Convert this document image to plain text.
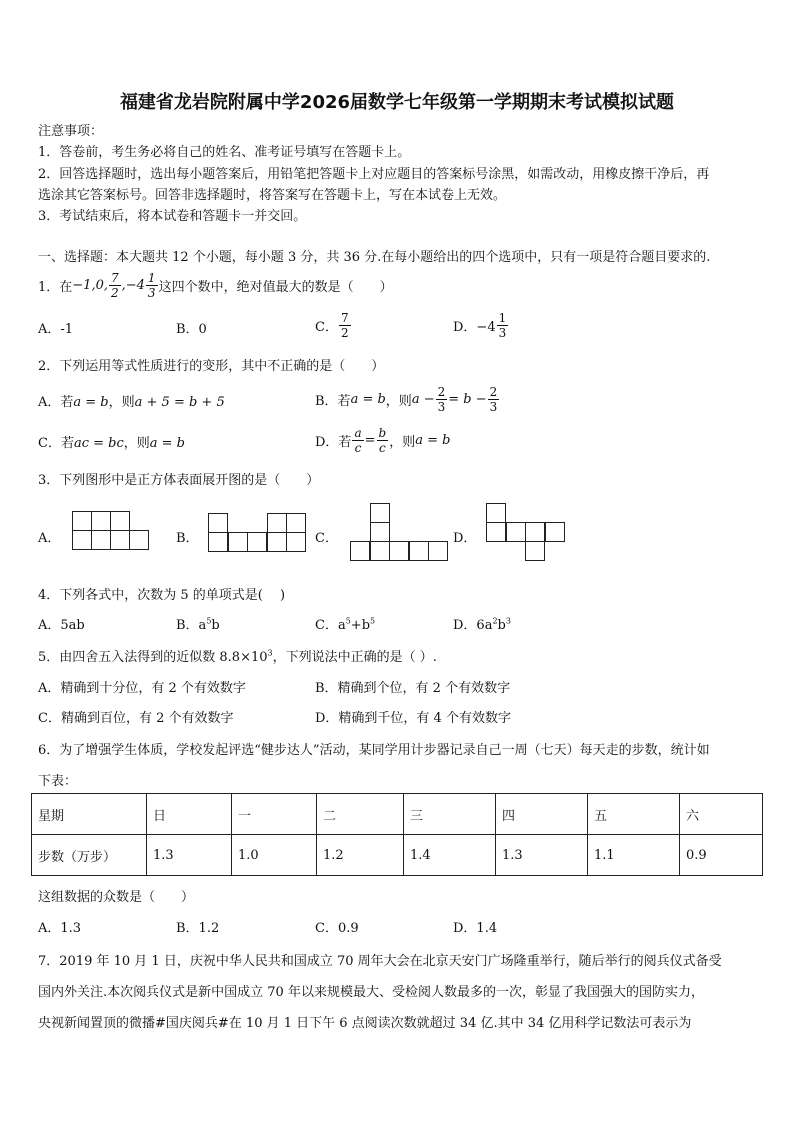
福建省龙岩院附属中学2026届数学七年级第一学期期末考试模拟试题
注意事项：
1．答卷前，考生务必将自己的姓名、准考证号填写在答题卡上。
2．回答选择题时，选出每小题答案后，用铅笔把答题卡上对应题目的答案标号涂黑，如需改动，用橡皮擦干净后，再
选涂其它答案标号。回答非选择题时，将答案写在答题卡上，写在本试卷上无效。
3．考试结束后，将本试卷和答题卡一并交回。
一、选择题：本大题共 12 个小题，每小题 3 分，共 36 分.在每小题给出的四个选项中，只有一项是符合题目要求的.
1．在 −1,0, $\frac{7}{2} ,-4 \frac{1}{3}$ 这四个数中，绝对值最大的数是（　　）
A．-1	B．0	C． $\frac{7}{2}$	D．$-4 \frac{1}{3}$
2．下列运用等式性质进行的变形，其中不正确的是（　　）
A．若a = b，则a + 5 = b + 5	B．若 a = b ，则 $a - \frac{2}{3} = b - \frac{2}{3}$
C．若ac = bc，则a = b	D．若 $\frac{a}{c} = \frac{b}{c}$ ，则 a = b
3．下列图形中是正方体表面展开图的是（　　）
A．	B．	C．	D．
4．下列各式中，次数为 5 的单项式是(　 )
A．5ab	B．$a^5b$	C．$a^5+b^5$	D．$6a^2b^3$
5．由四舍五入法得到的近似数 $8.8\times 10^3$，下列说法中正确的是（ ）.
A．精确到十分位，有 2 个有效数字	B．精确到个位，有 2 个有效数字
C．精确到百位，有 2 个有效数字	D．精确到千位，有 4 个有效数字
6．为了增强学生体质，学校发起评选“健步达人”活动，某同学用计步器记录自己一周（七天）每天走的步数，统计如
下表：
星期	日	一	二	三	四	五	六
步数（万步）	1.3	1.0	1.2	1.4	1.3	1.1	0.9
这组数据的众数是（　　）
A．1.3	B．1.2	C．0.9	D．1.4
7．2019 年 10 月 1 日，庆祝中华人民共和国成立 70 周年大会在北京天安门广场隆重举行，随后举行的阅兵仪式备受
国内外关注.本次阅兵仪式是新中国成立 70 年以来规模最大、受检阅人数最多的一次，彰显了我国强大的国防实力，
央视新闻置顶的微播#国庆阅兵#在 10 月 1 日下午 6 点阅读次数就超过 34 亿.其中 34 亿用科学记数法可表示为
